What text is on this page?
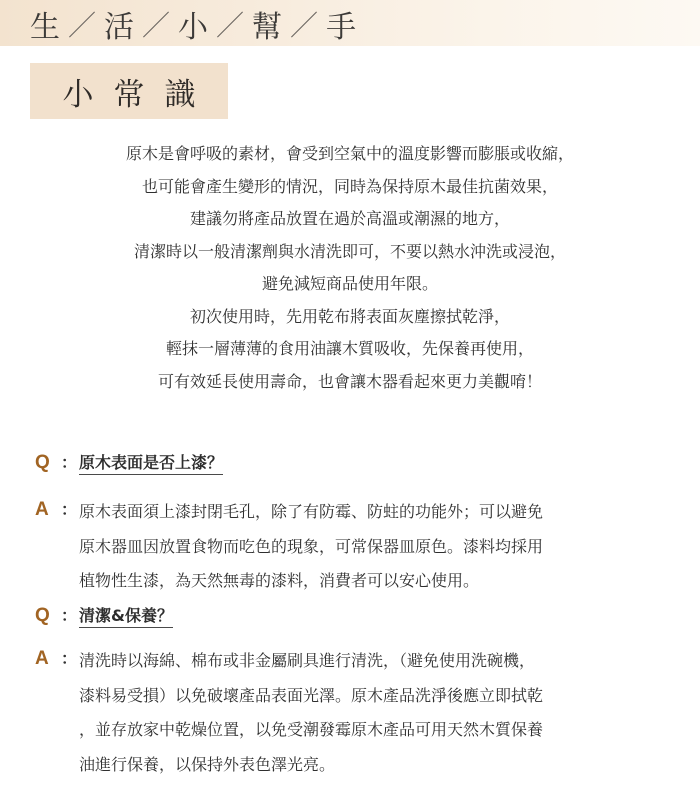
生 ／ 活 ／ 小 ／ 幫 ／ 手
小常識
原木是會呼吸的素材，會受到空氣中的溫度影響而膨脹或收縮，
也可能會產生變形的情況，同時為保持原木最佳抗菌效果，
建議勿將產品放置在過於高溫或潮濕的地方，
清潔時以一般清潔劑與水清洗即可，不要以熱水沖洗或浸泡，
避免減短商品使用年限。
初次使用時，先用乾布將表面灰塵擦拭乾淨，
輕抹一層薄薄的食用油讓木質吸收，先保養再使用，
可有效延長使用壽命，也會讓木器看起來更力美觀唷！
Q ： 原木表面是否上漆？
A ： 原木表面須上漆封閉毛孔，除了有防霉、防蛀的功能外；可以避免
原木器皿因放置食物而吃色的現象，可常保器皿原色。漆料均採用
植物性生漆，為天然無毒的漆料，消費者可以安心使用。
Q ： 清潔&保養？
A ： 清洗時以海綿、棉布或非金屬刷具進行清洗，（避免使用洗碗機，
漆料易受損）以免破壞產品表面光澤。原木產品洗淨後應立即拭乾
，並存放家中乾燥位置，以免受潮發霉原木產品可用天然木質保養
油進行保養，以保持外表色澤光亮。
